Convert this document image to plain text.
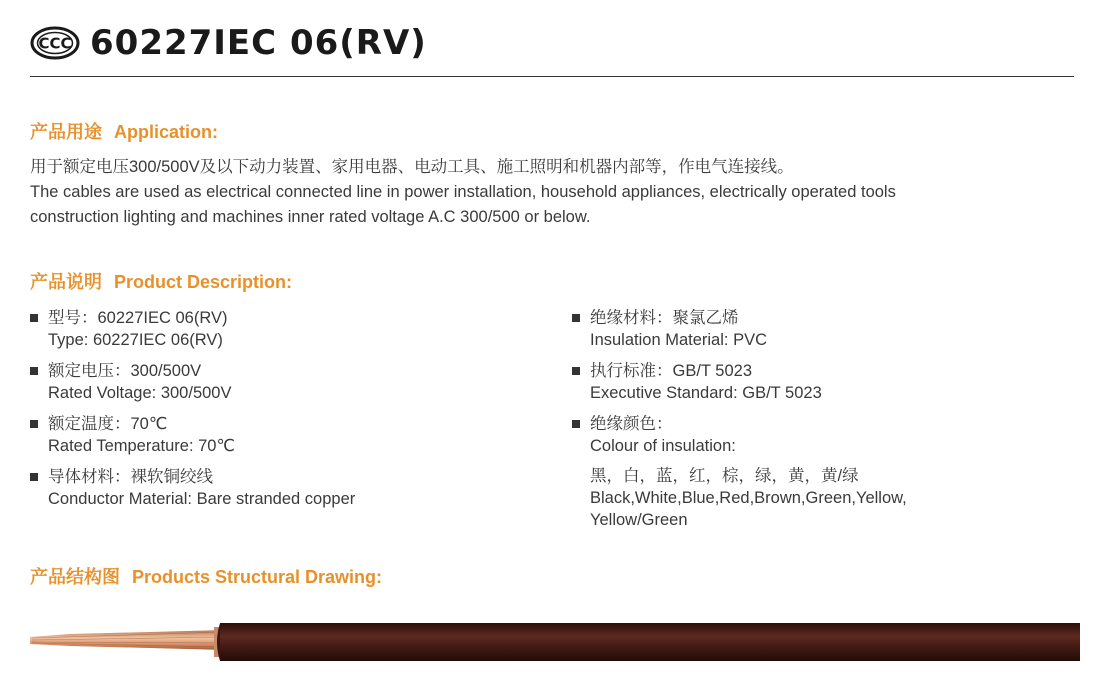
CCC 60227IEC 06(RV)
产品用途 Application:
用于额定电压300/500V及以下动力装置、家用电器、电动工具、施工照明和机器内部等，作电气连接线。
The cables are used as electrical connected line in power installation, household appliances, electrically operated tools
construction lighting and machines inner rated voltage A.C 300/500 or below.
产品说明 Product Description:
型号：60227IEC 06(RV)
Type: 60227IEC 06(RV)
额定电压：300/500V
Rated Voltage: 300/500V
额定温度：70℃
Rated Temperature: 70℃
导体材料：裸软铜绞线
Conductor Material: Bare stranded copper
绝缘材料：聚氯乙烯
Insulation Material: PVC
执行标准：GB/T 5023
Executive Standard: GB/T 5023
绝缘颜色：
Colour of insulation:
黑，白，蓝，红，棕，绿，黄，黄/绿
Black,White,Blue,Red,Brown,Green,Yellow,
Yellow/Green
产品结构图 Products Structural Drawing:
